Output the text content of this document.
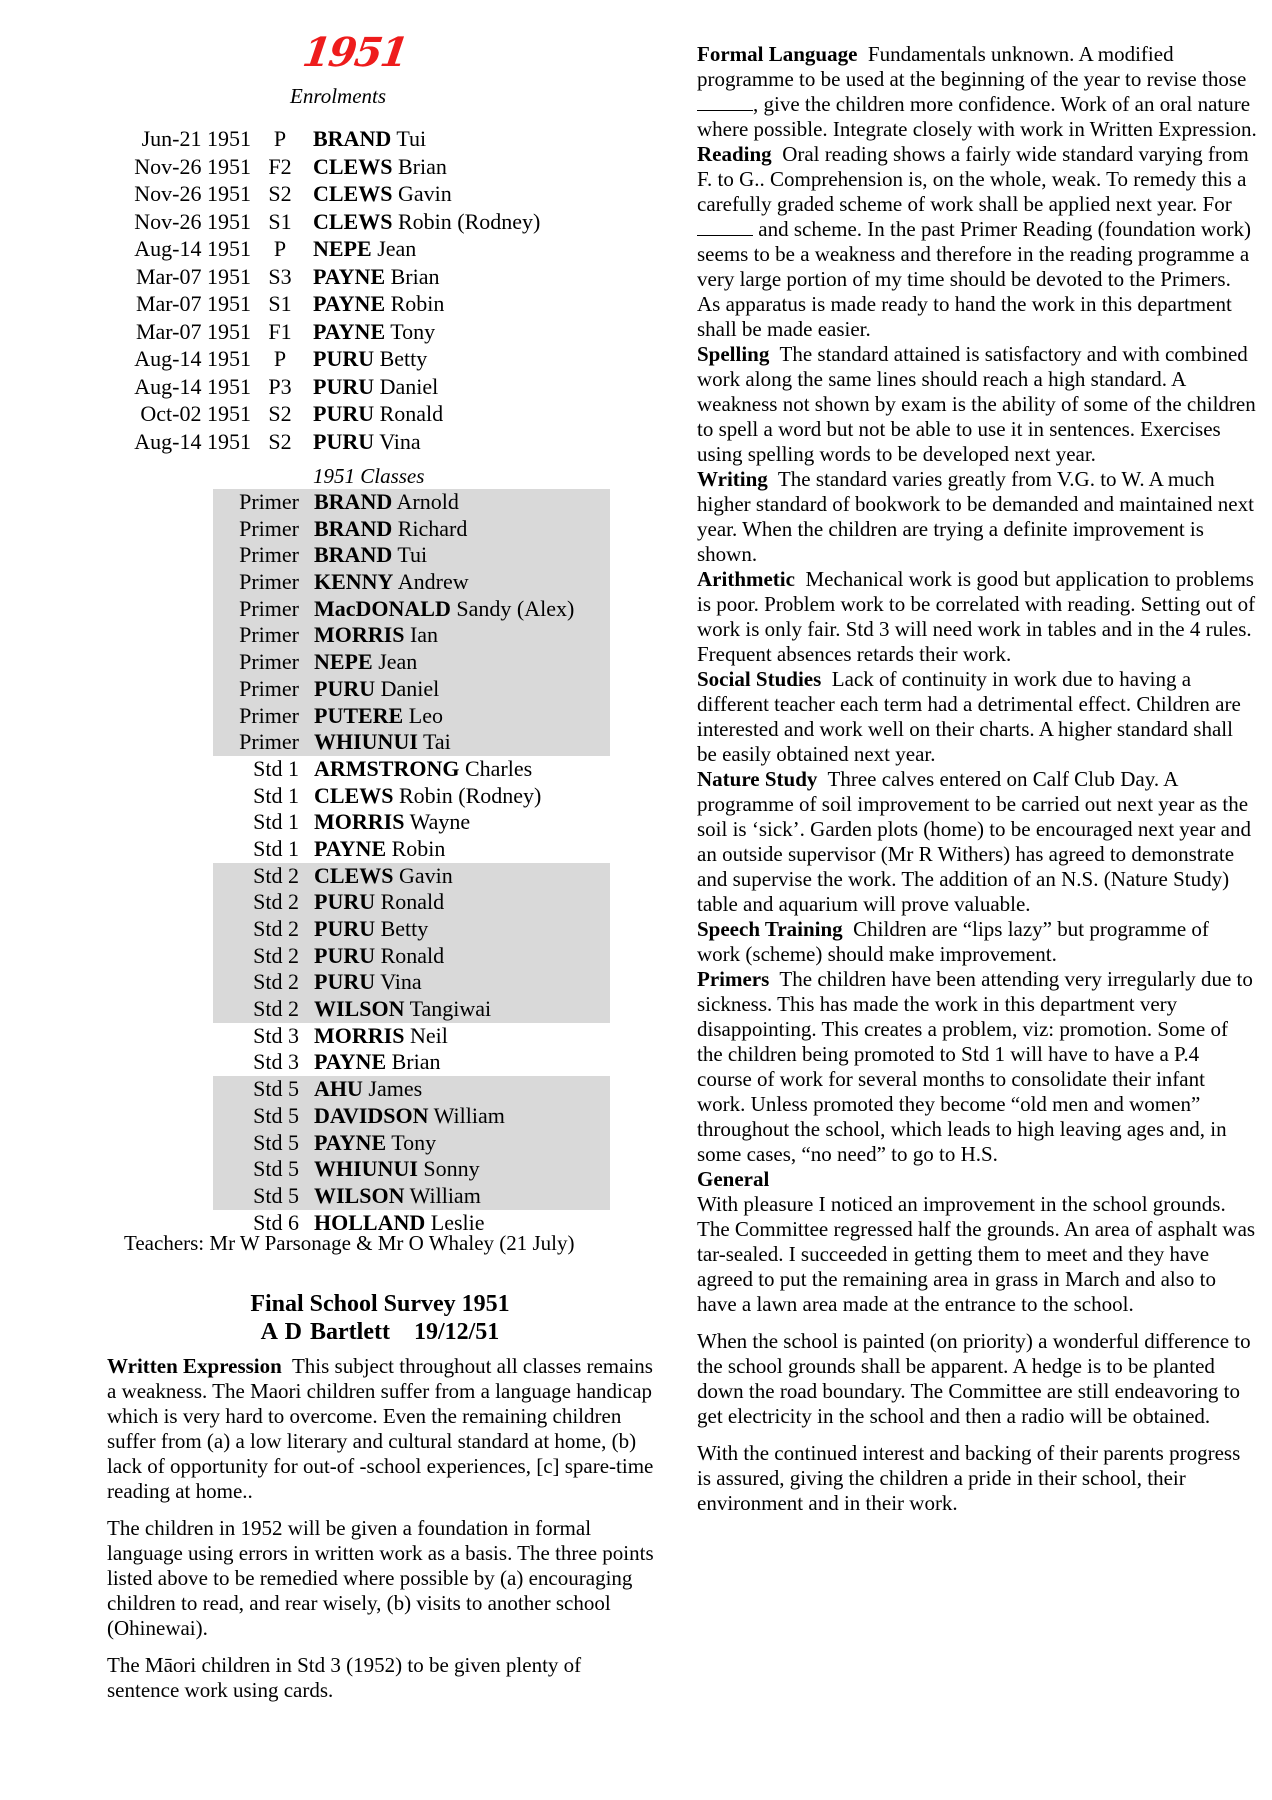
1951
Enrolments
Jun-21 1951	P	BRAND Tui
Nov-26 1951 F2 CLEWS Brian
Nov-26 1951 S2 CLEWS Gavin
Nov-26 1951 S1 CLEWS Robin (Rodney)
Aug-14 1951	P	NEPE Jean
Mar-07 1951 S3 PAYNE Brian
Mar-07 1951 S1 PAYNE Robin
Mar-07 1951 F1 PAYNE Tony
Aug-14 1951	P	PURU Betty
Aug-14 1951 P3 PURU Daniel
Oct-02 1951 S2 PURU Ronald
Aug-14 1951 S2 PURU Vina
1951 Classes
Primer BRAND Arnold
Primer BRAND Richard
Primer BRAND Tui
Primer KENNY Andrew
Primer MacDONALD Sandy (Alex)
Primer MORRIS Ian
Primer NEPE Jean
Primer PURU Daniel
Primer PUTERE Leo
Primer WHIUNUI Tai
Std 1 ARMSTRONG Charles
Std 1 CLEWS Robin (Rodney)
Std 1 MORRIS Wayne
Std 1 PAYNE Robin
Std 2 CLEWS Gavin
Std 2 PURU Ronald
Std 2 PURU Betty
Std 2 PURU Ronald
Std 2 PURU Vina
Std 2 WILSON Tangiwai
Std 3 MORRIS Neil
Std 3 PAYNE Brian
Std 5 AHU James
Std 5 DAVIDSON William
Std 5 PAYNE Tony
Std 5 WHIUNUI Sonny
Std 5 WILSON William
Std 6 HOLLAND Leslie
Teachers: Mr W Parsonage & Mr O Whaley (21 July)
Final School Survey 1951
A D Bartlett   19/12/51

Written Expression This subject throughout all classes remains a weakness. The Maori children suffer from a language handicap which is very hard to overcome. Even the remaining children suffer from (a) a low literary and cultural standard at home, (b) lack of opportunity for out-of -school experiences, [c] spare-time reading at home..

The children in 1952 will be given a foundation in formal language using errors in written work as a basis. The three points listed above to be remedied where possible by (a) encouraging children to read, and rear wisely, (b) visits to another school (Ohinewai).

The Māori children in Std 3 (1952) to be given plenty of sentence work using cards.

Formal Language Fundamentals unknown. A modified programme to be used at the beginning of the year to revise those , give the children more confidence. Work of an oral nature where possible. Integrate closely with work in Written Expression.

Reading Oral reading shows a fairly wide standard varying from F. to G.. Comprehension is, on the whole, weak. To remedy this a carefully graded scheme of work shall be applied next year. For  and scheme. In the past Primer Reading (foundation work) seems to be a weakness and therefore in the reading programme a very large portion of my time should be devoted to the Primers. As apparatus is made ready to hand the work in this department shall be made easier.

Spelling The standard attained is satisfactory and with combined work along the same lines should reach a high standard. A weakness not shown by exam is the ability of some of the children to spell a word but not be able to use it in sentences. Exercises using spelling words to be developed next year.

Writing The standard varies greatly from V.G. to W. A much higher standard of bookwork to be demanded and maintained next year. When the children are trying a definite improvement is shown.

Arithmetic Mechanical work is good but application to problems is poor. Problem work to be correlated with reading. Setting out of work is only fair. Std 3 will need work in tables and in the 4 rules. Frequent absences retards their work.

Social Studies Lack of continuity in work due to having a different teacher each term had a detrimental effect. Children are interested and work well on their charts. A higher standard shall be easily obtained next year.

Nature Study Three calves entered on Calf Club Day. A programme of soil improvement to be carried out next year as the soil is ‘sick’. Garden plots (home) to be encouraged next year and an outside supervisor (Mr R Withers) has agreed to demonstrate and supervise the work. The addition of an N.S. (Nature Study) table and aquarium will prove valuable.

Speech Training Children are “lips lazy” but programme of work (scheme) should make improvement.

Primers The children have been attending very irregularly due to sickness. This has made the work in this department very disappointing. This creates a problem, viz: promotion. Some of the children being promoted to Std 1 will have to have a P.4 course of work for several months to consolidate their infant work. Unless promoted they become “old men and women” throughout the school, which leads to high leaving ages and, in some cases, “no need” to go to H.S.

General

With pleasure I noticed an improvement in the school grounds. The Committee regressed half the grounds. An area of asphalt was tar-sealed. I succeeded in getting them to meet and they have agreed to put the remaining area in grass in March and also to have a lawn area made at the entrance to the school.

When the school is painted (on priority) a wonderful difference to the school grounds shall be apparent. A hedge is to be planted down the road boundary. The Committee are still endeavoring to get electricity in the school and then a radio will be obtained.

With the continued interest and backing of their parents progress is assured, giving the children a pride in their school, their environment and in their work.
